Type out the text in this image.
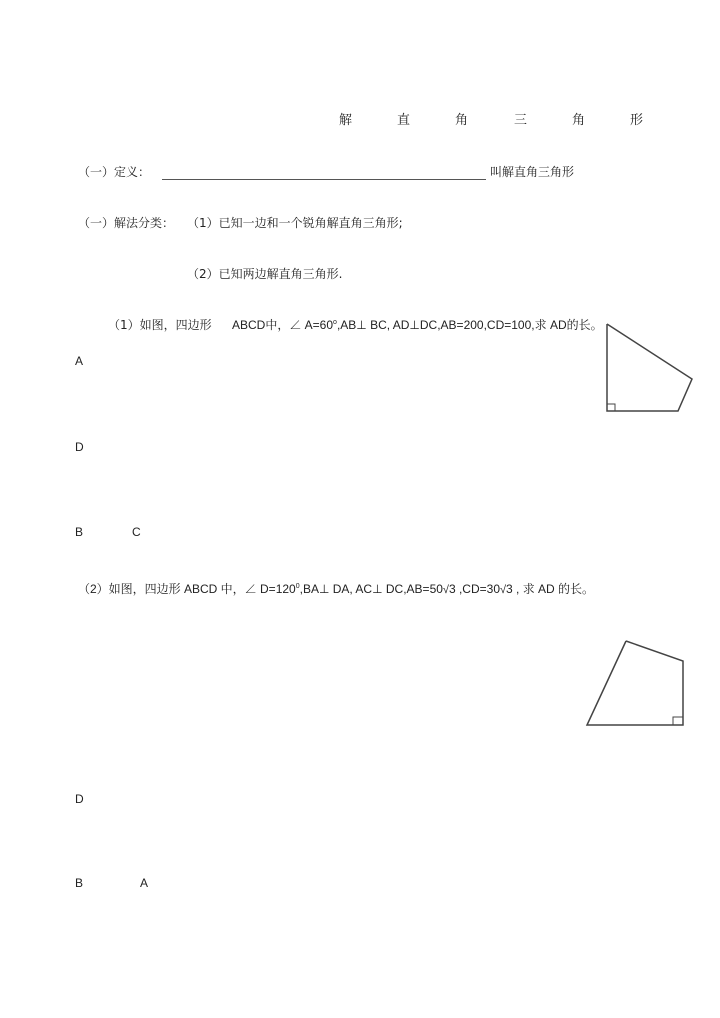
解	直	角	三	角	形
（一）定义：	叫解直角三角形
（一）解法分类： （1）已知一边和一个锐角解直角三角形;
（2）已知两边解直角三角形.
（1）如图，四边形 ABCD中，∠ $A=60^o,AB\perp$ BC, AD⊥DC,AB=200,CD=100,求 AD的长。
A
D
B	C
（2）如图，四边形 ABCD 中，∠ $D=120^0,BA\perp$ DA, AC⊥ DC,AB=50√3 ,CD=30√3 , 求 AD 的长。
D
B	A
